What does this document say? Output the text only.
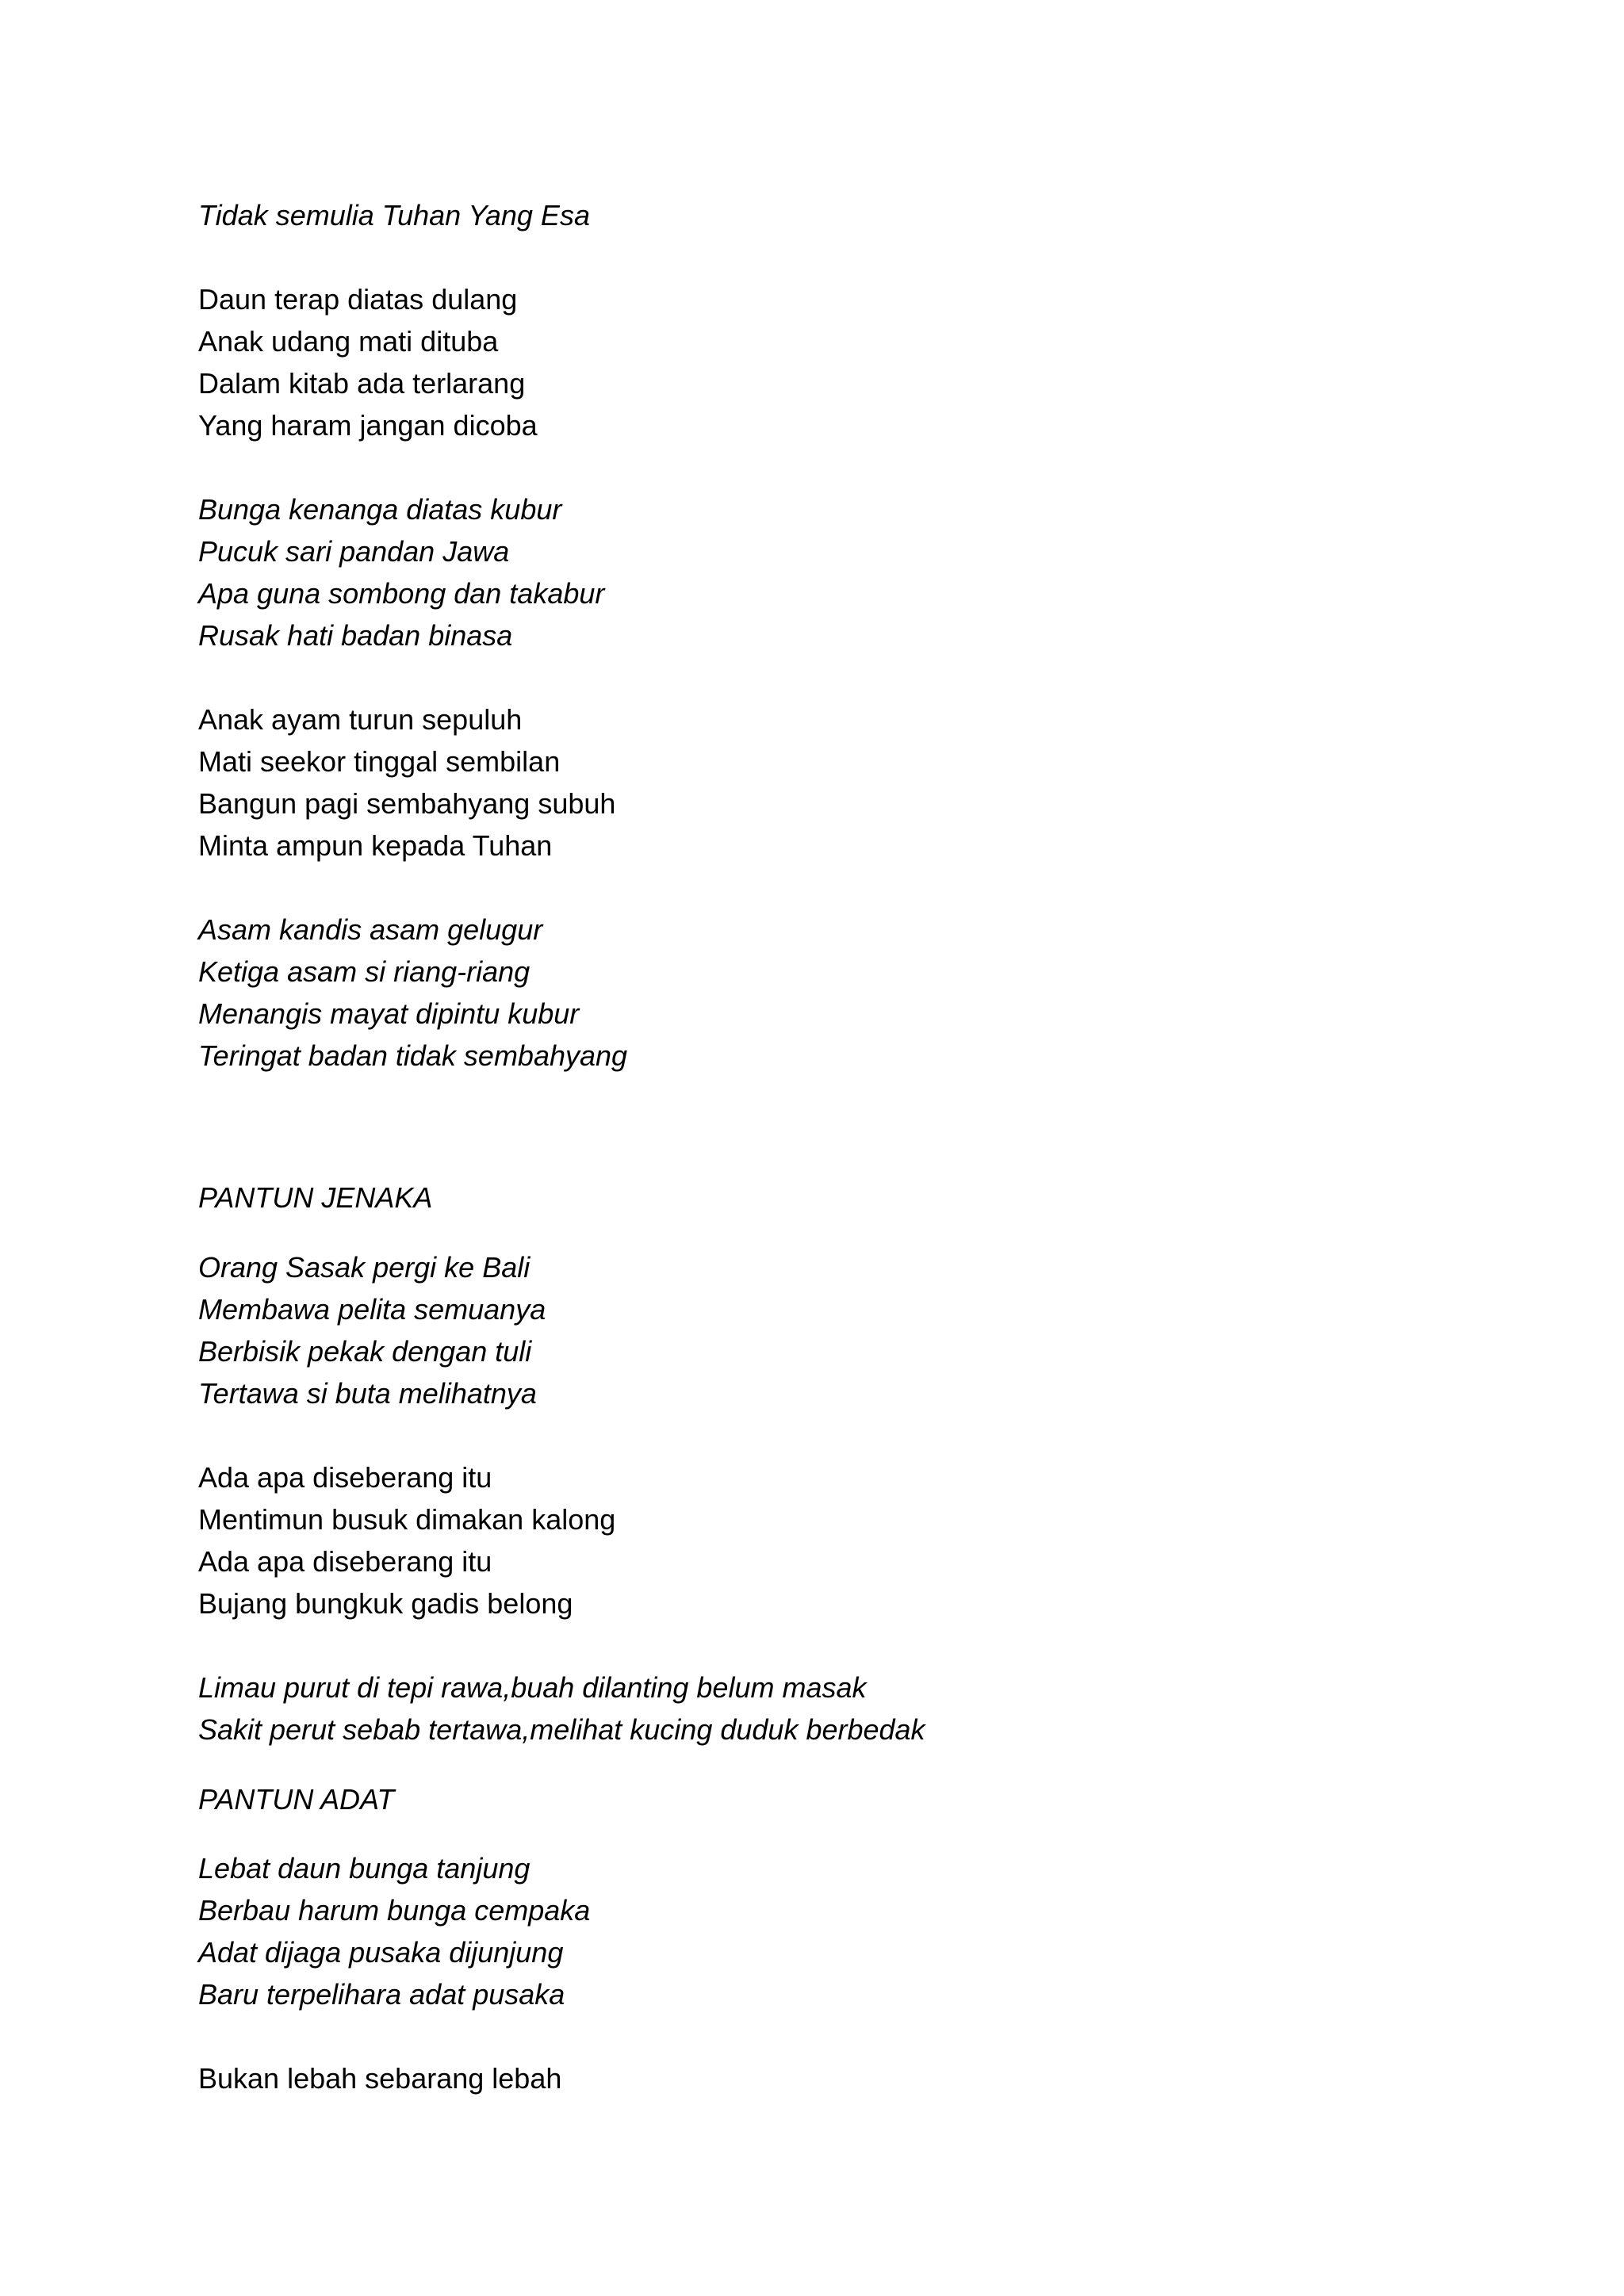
Tidak semulia Tuhan Yang Esa
Daun terap diatas dulang
Anak udang mati dituba
Dalam kitab ada terlarang
Yang haram jangan dicoba
Bunga kenanga diatas kubur
Pucuk sari pandan Jawa
Apa guna sombong dan takabur
Rusak hati badan binasa
Anak ayam turun sepuluh
Mati seekor tinggal sembilan
Bangun pagi sembahyang subuh
Minta ampun kepada Tuhan
Asam kandis asam gelugur
Ketiga asam si riang-riang
Menangis mayat dipintu kubur
Teringat badan tidak sembahyang
PANTUN JENAKA
Orang Sasak pergi ke Bali
Membawa pelita semuanya
Berbisik pekak dengan tuli
Tertawa si buta melihatnya
Ada apa diseberang itu
Mentimun busuk dimakan kalong
Ada apa diseberang itu
Bujang bungkuk gadis belong
Limau purut di tepi rawa,buah dilanting belum masak
Sakit perut sebab tertawa,melihat kucing duduk berbedak
PANTUN ADAT
Lebat daun bunga tanjung
Berbau harum bunga cempaka
Adat dijaga pusaka dijunjung
Baru terpelihara adat pusaka
Bukan lebah sebarang lebah
